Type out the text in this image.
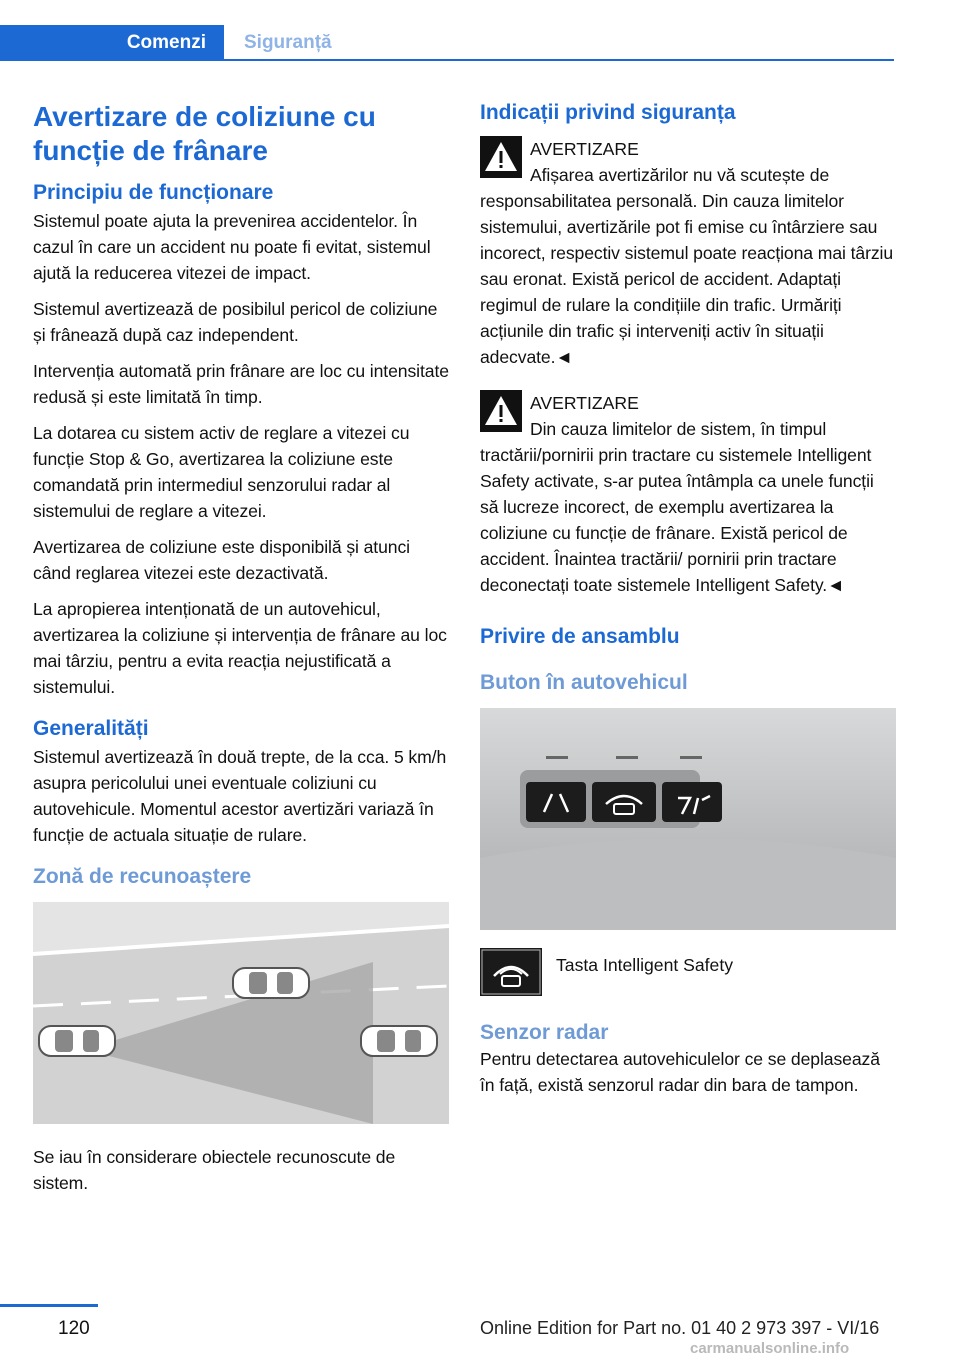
Comenzi	Siguranță
Avertizare de coliziune cu funcție de frânare
Principiu de funcționare

Sistemul poate ajuta la prevenirea accidentelor. În cazul în care un accident nu poate fi evitat, sistemul ajută la reducerea vitezei de impact.

Sistemul avertizează de posibilul pericol de coliziune și frânează după caz independent.

Intervenția automată prin frânare are loc cu intensitate redusă și este limitată în timp.

La dotarea cu sistem activ de reglare a vitezei cu funcție Stop & Go, avertizarea la coliziune este comandată prin intermediul senzorului radar al sistemului de reglare a vitezei.

Avertizarea de coliziune este disponibilă și atunci când reglarea vitezei este dezactivată.

La apropierea intenționată de un autovehicul, avertizarea la coliziune și intervenția de frânare au loc mai târziu, pentru a evita reacția nejustificată a sistemului.

Generalități

Sistemul avertizează în două trepte, de la cca. 5 km/h asupra pericolului unei eventuale coliziuni cu autovehicule. Momentul acestor avertizări variază în funcție de actuala situație de rulare.

Zonă de recunoaștere

Se iau în considerare obiectele recunoscute de sistem.

Indicații privind siguranța
AVERTIZARE

Afișarea avertizărilor nu vă scutește de

responsabilitatea personală. Din cauza limitelor sistemului, avertizările pot fi emise cu întârziere sau incorect, respectiv sistemul poate reacționa mai târziu sau eronat. Există pericol de accident. Adaptați regimul de rulare la condițiile din trafic. Urmăriți acțiunile din trafic și interveniți activ în situații adecvate.◄

AVERTIZARE

Din cauza limitelor de sistem, în timpul

tractării/pornirii prin tractare cu sistemele Intelligent Safety activate, s-ar putea întâmpla ca unele funcții să lucreze incorect, de exemplu avertizarea la coliziune cu funcție de frânare. Există pericol de accident. Înaintea tractării/ pornirii prin tractare deconectați toate sistemele Intelligent Safety.◄

Privire de ansamblu
Buton în autovehicul
Tasta Intelligent Safety
Senzor radar

Pentru detectarea autovehiculelor ce se deplasează în față, există senzorul radar din bara de tampon.

120	Online Edition for Part no. 01 40 2 973 397 - VI/16
carmanualsonline.info
